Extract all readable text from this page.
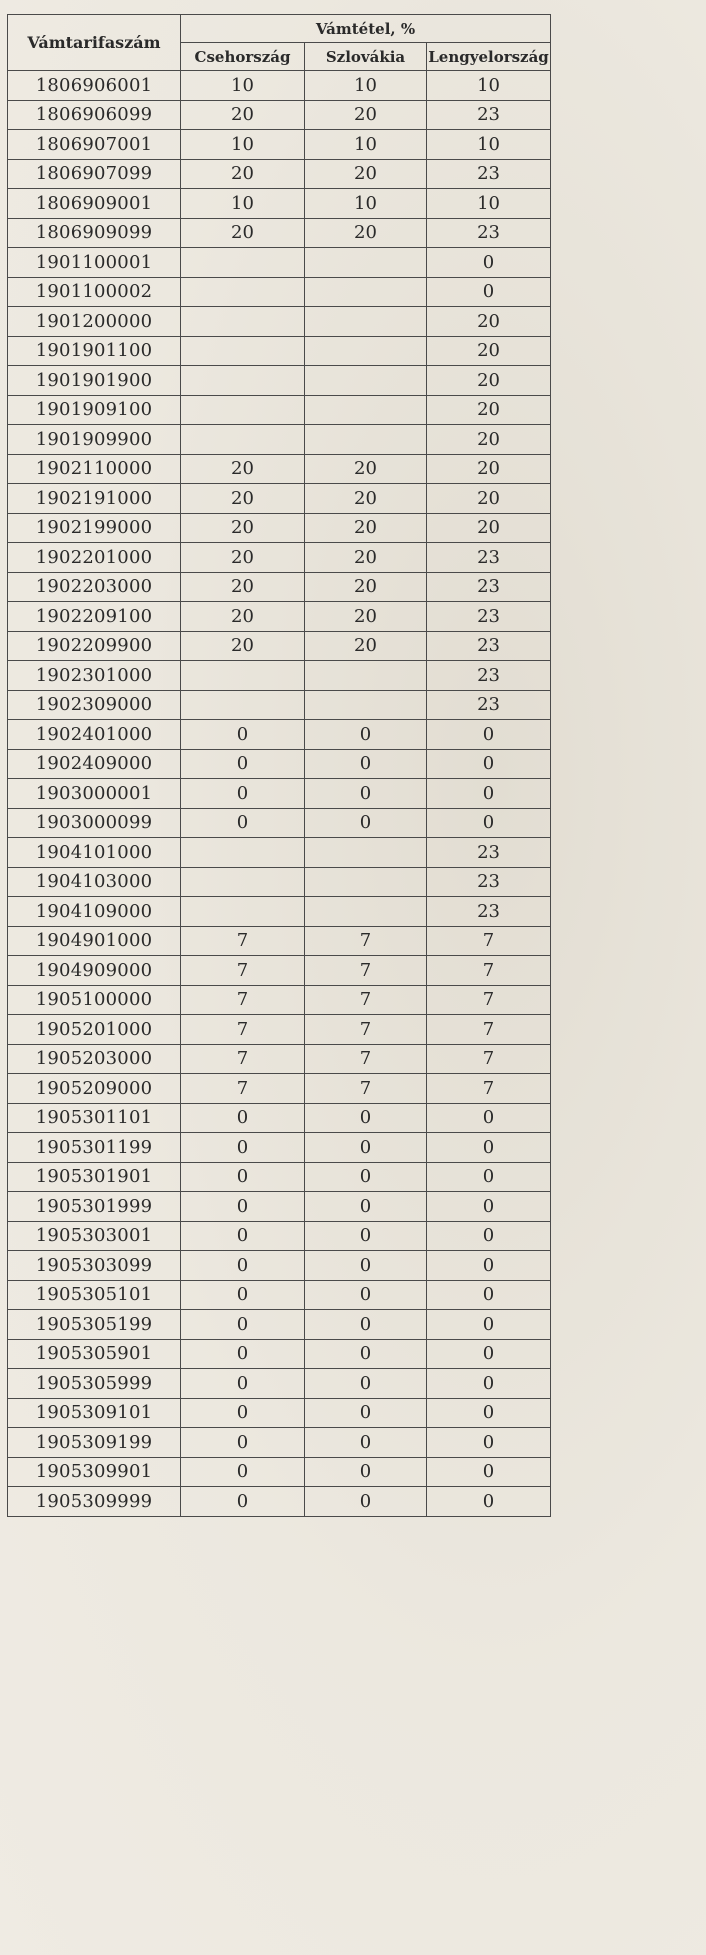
Vámtarifaszám	Vámtétel, %		
	Csehország	Szlovákia	Lengyelország
1806906001	10	10	10
1806906099	20	20	23
1806907001	10	10	10
1806907099	20	20	23
1806909001	10	10	10
1806909099	20	20	23
1901100001			0
1901100002			0
1901200000			20
1901901100			20
1901901900			20
1901909100			20
1901909900			20
1902110000	20	20	20
1902191000	20	20	20
1902199000	20	20	20
1902201000	20	20	23
1902203000	20	20	23
1902209100	20	20	23
1902209900	20	20	23
1902301000			23
1902309000			23
1902401000	0	0	0
1902409000	0	0	0
1903000001	0	0	0
1903000099	0	0	0
1904101000			23
1904103000			23
1904109000			23
1904901000	7	7	7
1904909000	7	7	7
1905100000	7	7	7
1905201000	7	7	7
1905203000	7	7	7
1905209000	7	7	7
1905301101	0	0	0
1905301199	0	0	0
1905301901	0	0	0
1905301999	0	0	0
1905303001	0	0	0
1905303099	0	0	0
1905305101	0	0	0
1905305199	0	0	0
1905305901	0	0	0
1905305999	0	0	0
1905309101	0	0	0
1905309199	0	0	0
1905309901	0	0	0
1905309999	0	0	0
